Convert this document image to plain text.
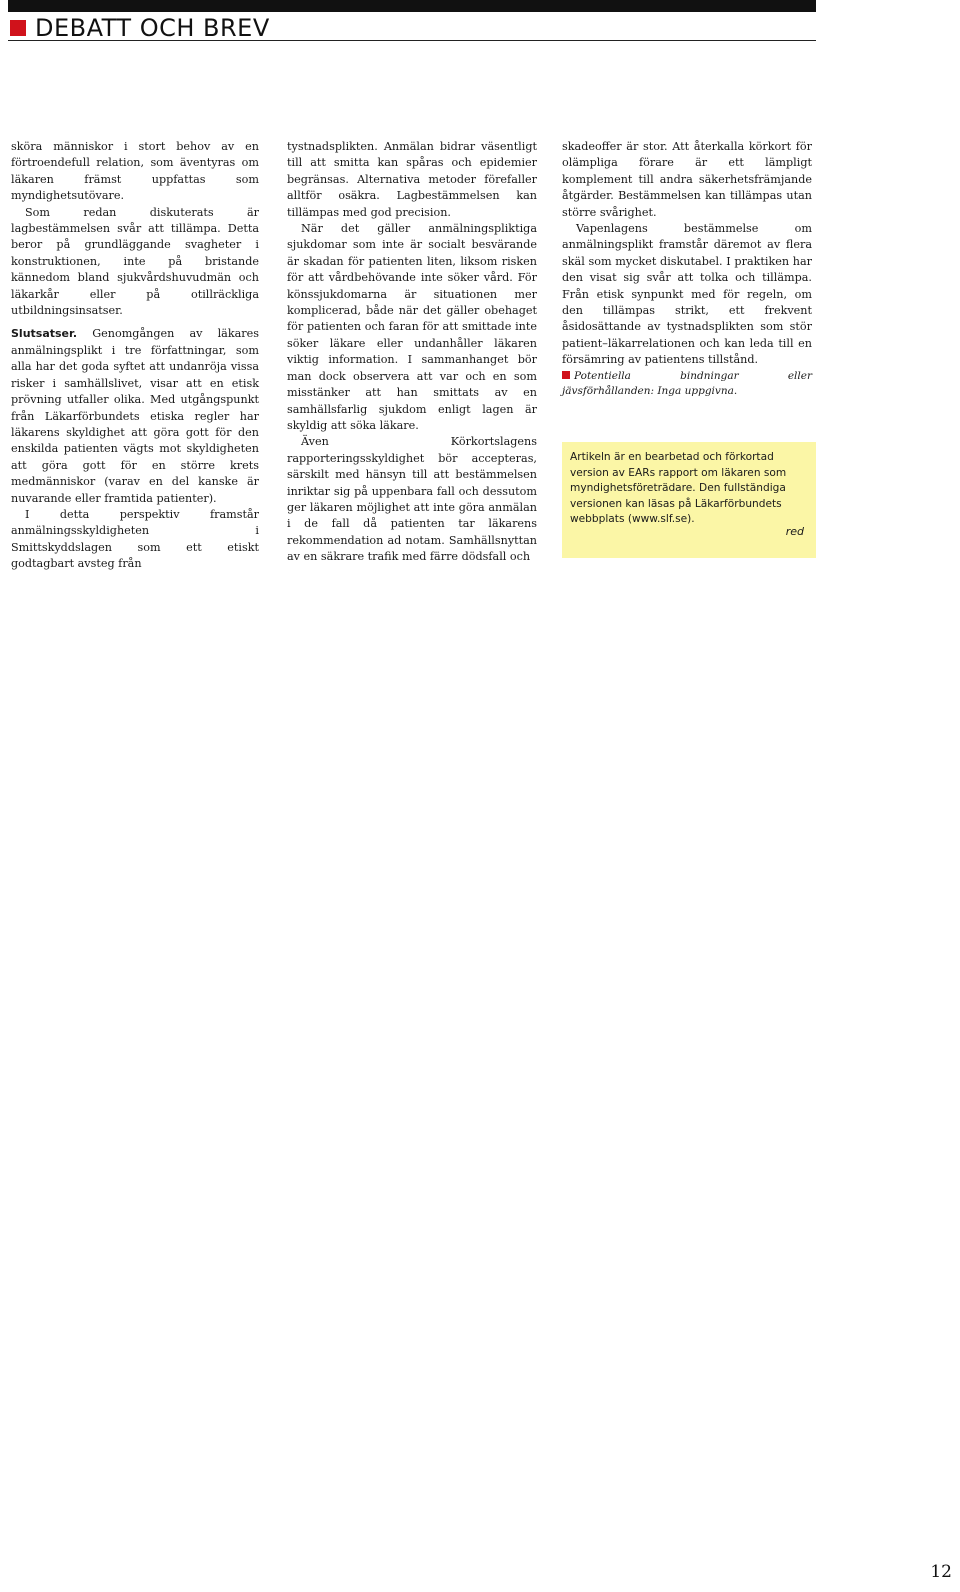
DEBATT OCH BREV

sköra människor i stort behov av en förtroendefull relation, som äventyras om läkaren främst uppfattas som myndighetsutövare.

Som redan diskuterats är lagbestämmelsen svår att tillämpa. Detta beror på grundläggande svagheter i konstruktionen, inte på bristande kännedom bland sjukvårdshuvudmän och läkarkår eller på otillräckliga utbildningsinsatser.

Slutsatser. Genomgången av läkares anmälningsplikt i tre författningar, som alla har det goda syftet att undanröja vissa risker i samhällslivet, visar att en etisk prövning utfaller olika. Med utgångspunkt från Läkarförbundets etiska regler har läkarens skyldighet att göra gott för den enskilda patienten vägts mot skyldigheten att göra gott för en större krets medmänniskor (varav en del kanske är nuvarande eller framtida patienter).

I detta perspektiv framstår anmälningsskyldigheten i Smittskyddslagen som ett etiskt godtagbart avsteg från

tystnadsplikten. Anmälan bidrar väsentligt till att smitta kan spåras och epidemier begränsas. Alternativa metoder förefaller alltför osäkra. Lagbestämmelsen kan tillämpas med god precision.

När det gäller anmälningspliktiga sjukdomar som inte är socialt besvärande är skadan för patienten liten, liksom risken för att vårdbehövande inte söker vård. För könssjukdomarna är situationen mer komplicerad, både när det gäller obehaget för patienten och faran för att smittade inte söker läkare eller undanhåller läkaren viktig information. I sammanhanget bör man dock observera att var och en som misstänker att han smittats av en samhällsfarlig sjukdom enligt lagen är skyldig att söka läkare.

Även Körkortslagens rapporteringsskyldighet bör accepteras, särskilt med hänsyn till att bestämmelsen inriktar sig på uppenbara fall och dessutom ger läkaren möjlighet att inte göra anmälan i de fall då patienten tar läkarens rekommendation ad notam. Samhällsnyttan av en säkrare trafik med färre dödsfall och

skadeoffer är stor. Att återkalla körkort för olämpliga förare är ett lämpligt komplement till andra säkerhetsfrämjande åtgärder. Bestämmelsen kan tillämpas utan större svårighet.

Vapenlagens bestämmelse om anmälningsplikt framstår däremot av flera skäl som mycket diskutabel. I praktiken har den visat sig svår att tolka och tillämpa. Från etisk synpunkt med för regeln, om den tillämpas strikt, ett frekvent åsidosättande av tystnadsplikten som stör patient–läkarrelationen och kan leda till en försämring av patientens tillstånd.

Potentiella bindningar eller jävsförhållanden: Inga uppgivna.

Artikeln är en bearbetad och förkortad version av EARs rapport om läkaren som myndighetsföreträdare. Den fullständiga versionen kan läsas på Läkarförbundets webbplats (www.slf.se).
red
12
